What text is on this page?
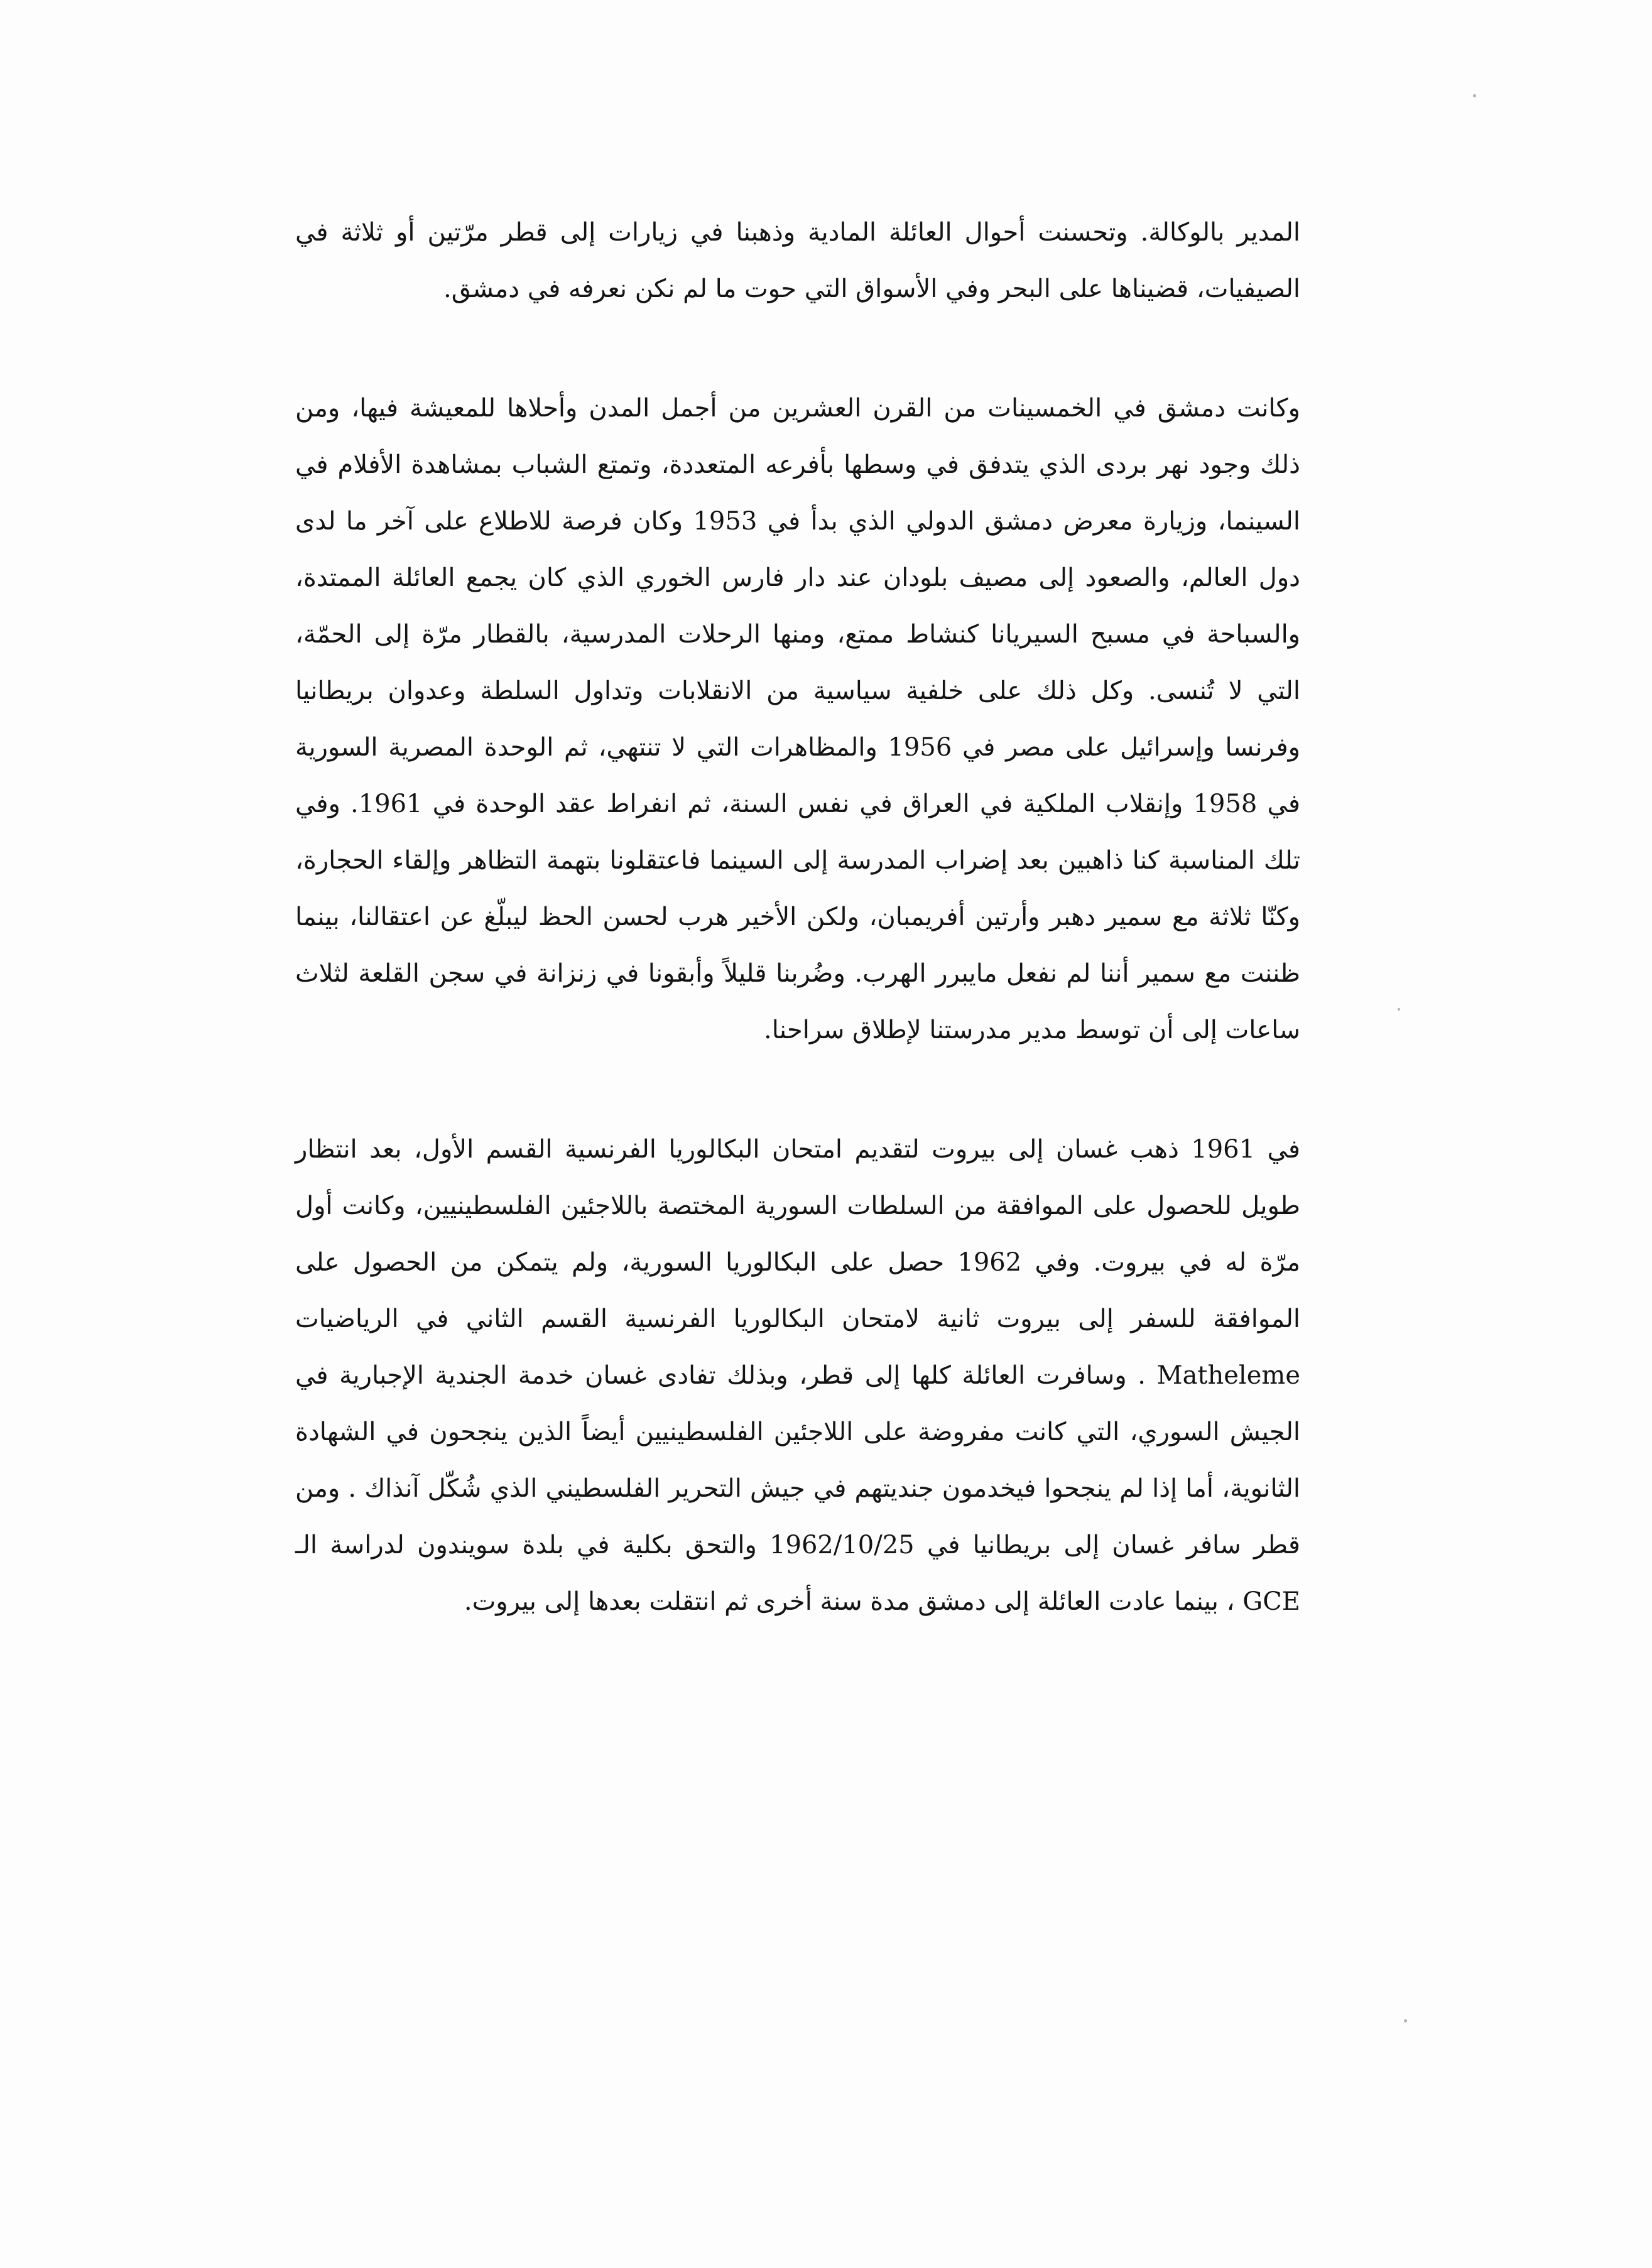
المدير بالوكالة. وتحسنت أحوال العائلة المادية وذهبنا في زيارات إلى قطر مرّتين أو ثلاثة في الصيفيات، قضيناها على البحر وفي الأسواق التي حوت ما لم نكن نعرفه في دمشق.

وكانت دمشق في الخمسينات من القرن العشرين من أجمل المدن وأحلاها للمعيشة فيها، ومن ذلك وجود نهر بردى الذي يتدفق في وسطها بأفرعه المتعددة، وتمتع الشباب بمشاهدة الأفلام في السينما، وزيارة معرض دمشق الدولي الذي بدأ في 1953 وكان فرصة للاطلاع على آخر ما لدى دول العالم، والصعود إلى مصيف بلودان عند دار فارس الخوري الذي كان يجمع العائلة الممتدة، والسباحة في مسبح السيريانا كنشاط ممتع، ومنها الرحلات المدرسية، بالقطار مرّة إلى الحمّة، التي لا تُنسى. وكل ذلك على خلفية سياسية من الانقلابات وتداول السلطة وعدوان بريطانيا وفرنسا وإسرائيل على مصر في 1956 والمظاهرات التي لا تنتهي، ثم الوحدة المصرية السورية في 1958 وإنقلاب الملكية في العراق في نفس السنة، ثم انفراط عقد الوحدة في 1961. وفي تلك المناسبة كنا ذاهبين بعد إضراب المدرسة إلى السينما فاعتقلونا بتهمة التظاهر وإلقاء الحجارة، وكنّا ثلاثة مع سمير دهبر وأرتين أفريمبان، ولكن الأخير هرب لحسن الحظ ليبلّغ عن اعتقالنا، بينما ظننت مع سمير أننا لم نفعل مايبرر الهرب. وضُربنا قليلاً وأبقونا في زنزانة في سجن القلعة لثلاث ساعات إلى أن توسط مدير مدرستنا لإطلاق سراحنا.

في 1961 ذهب غسان إلى بيروت لتقديم امتحان البكالوريا الفرنسية القسم الأول، بعد انتظار طويل للحصول على الموافقة من السلطات السورية المختصة باللاجئين الفلسطينيين، وكانت أول مرّة له في بيروت. وفي 1962 حصل على البكالوريا السورية، ولم يتمكن من الحصول على الموافقة للسفر إلى بيروت ثانية لامتحان البكالوريا الفرنسية القسم الثاني في الرياضيات Matheleme . وسافرت العائلة كلها إلى قطر، وبذلك تفادى غسان خدمة الجندية الإجبارية في الجيش السوري، التي كانت مفروضة على اللاجئين الفلسطينيين أيضاً الذين ينجحون في الشهادة الثانوية، أما إذا لم ينجحوا فيخدمون جنديتهم في جيش التحرير الفلسطيني الذي شُكّل آنذاك . ومن قطر سافر غسان إلى بريطانيا في 1962/10/25 والتحق بكلية في بلدة سويندون لدراسة الـ GCE ، بينما عادت العائلة إلى دمشق مدة سنة أخرى ثم انتقلت بعدها إلى بيروت.
